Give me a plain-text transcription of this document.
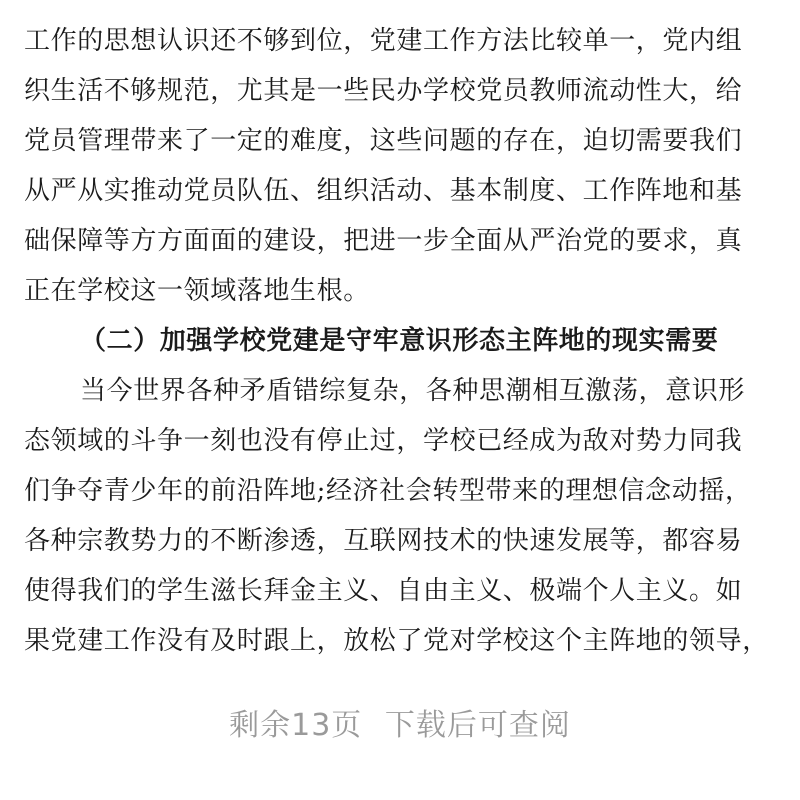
工作的思想认识还不够到位，党建工作方法比较单一，党内组
织生活不够规范，尤其是一些民办学校党员教师流动性大，给
党员管理带来了一定的难度，这些问题的存在，迫切需要我们
从严从实推动党员队伍、组织活动、基本制度、工作阵地和基
础保障等方方面面的建设，把进一步全面从严治党的要求，真
正在学校这一领域落地生根。
（二）加强学校党建是守牢意识形态主阵地的现实需要
当今世界各种矛盾错综复杂，各种思潮相互激荡，意识形
态领域的斗争一刻也没有停止过，学校已经成为敌对势力同我
们争夺青少年的前沿阵地;经济社会转型带来的理想信念动摇，
各种宗教势力的不断渗透，互联网技术的快速发展等，都容易
使得我们的学生滋长拜金主义、自由主义、极端个人主义。如
果党建工作没有及时跟上，放松了党对学校这个主阵地的领导，
剩余13页 下载后可查阅
